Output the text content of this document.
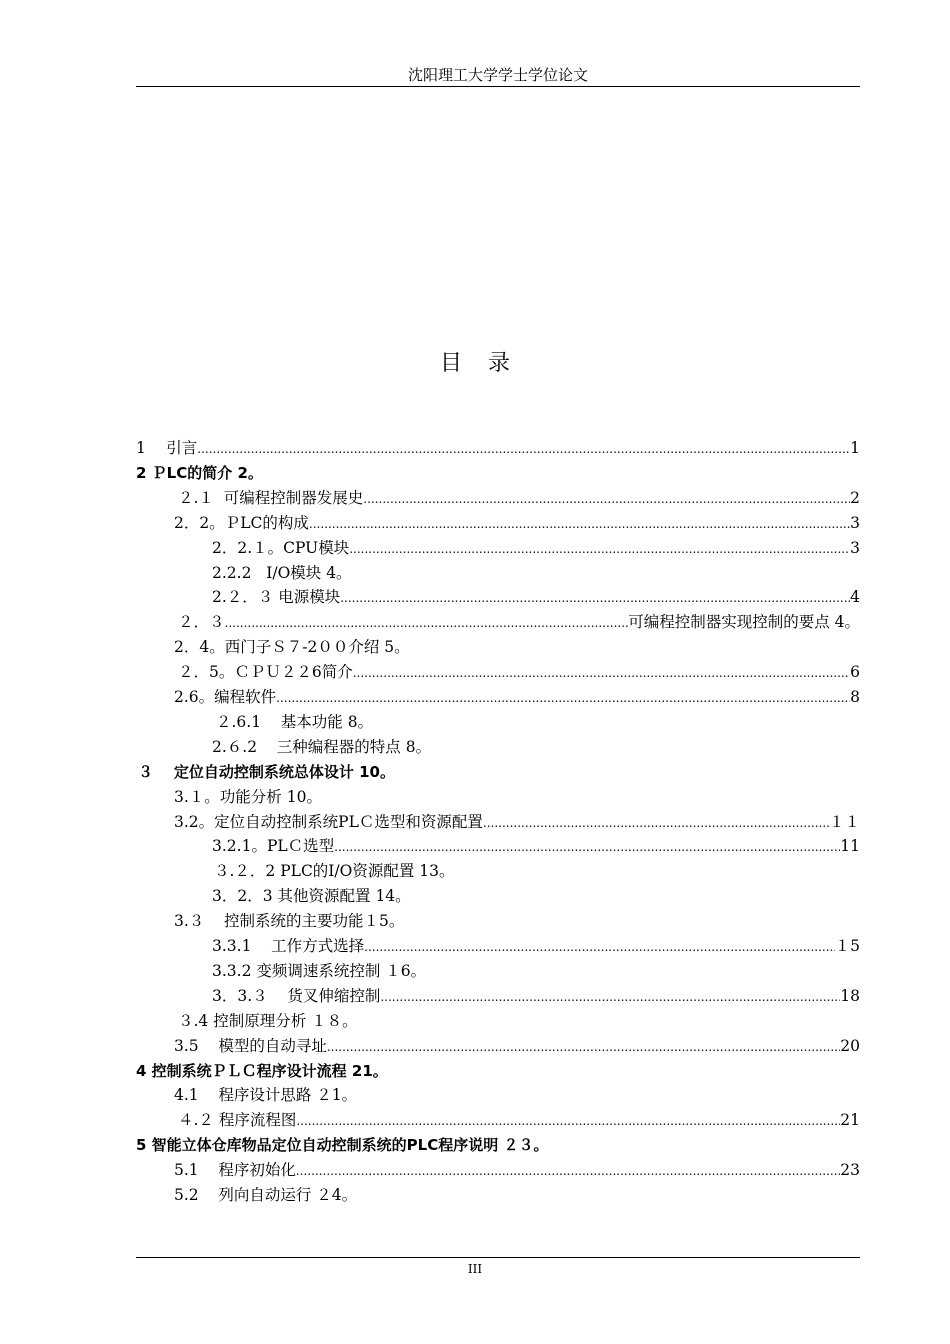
沈阳理工大学学士学位论文
目录
1　 引言 .....	1
2 ＰLC的简介 2。
２.１  可编程控制器发展史 .....	2
2．2。ＰLC的构成 .....	3
2．2.１。CPU模块 .....	3
2.2.2   I/O模块 4。
2.２．３ 电源模块 .....	4
２．３ .....	可编程控制器实现控制的要点 4。
2．4。西门子Ｓ７-2００介绍 5。
２．5。ＣＰＵ２２6简介 .....	6
2.6。编程软件 .....	8
２.6.1    基本功能 8。
2.６.2    三种编程器的特点 8。
３    定位自动控制系统总体设计 10。
3.１。功能分析 10。
3.2。定位自动控制系统PLＣ选型和资源配置 .....	１１
3.2.1。PLＣ选型 .....	11
３.２．2 PLC的I/O资源配置 13。
3．2．3 其他资源配置 14。
3.３    控制系统的主要功能１5。
3.3.1    工作方式选择 .....	１5
3.3.2 变频调速系统控制 １6。
3．3.３    货叉伸缩控制 .....	18
３.4 控制原理分析 １８。
3.5    模型的自动寻址 .....	20
4 控制系统ＰＬＣ程序设计流程 21。
4.1    程序设计思路 ２1。
４.２ 程序流程图 .....	21
5 智能立体仓库物品定位自动控制系统的PLC程序说明 ２３。
5.1    程序初始化 .....	23
5.2    列向自动运行 ２4。
III
